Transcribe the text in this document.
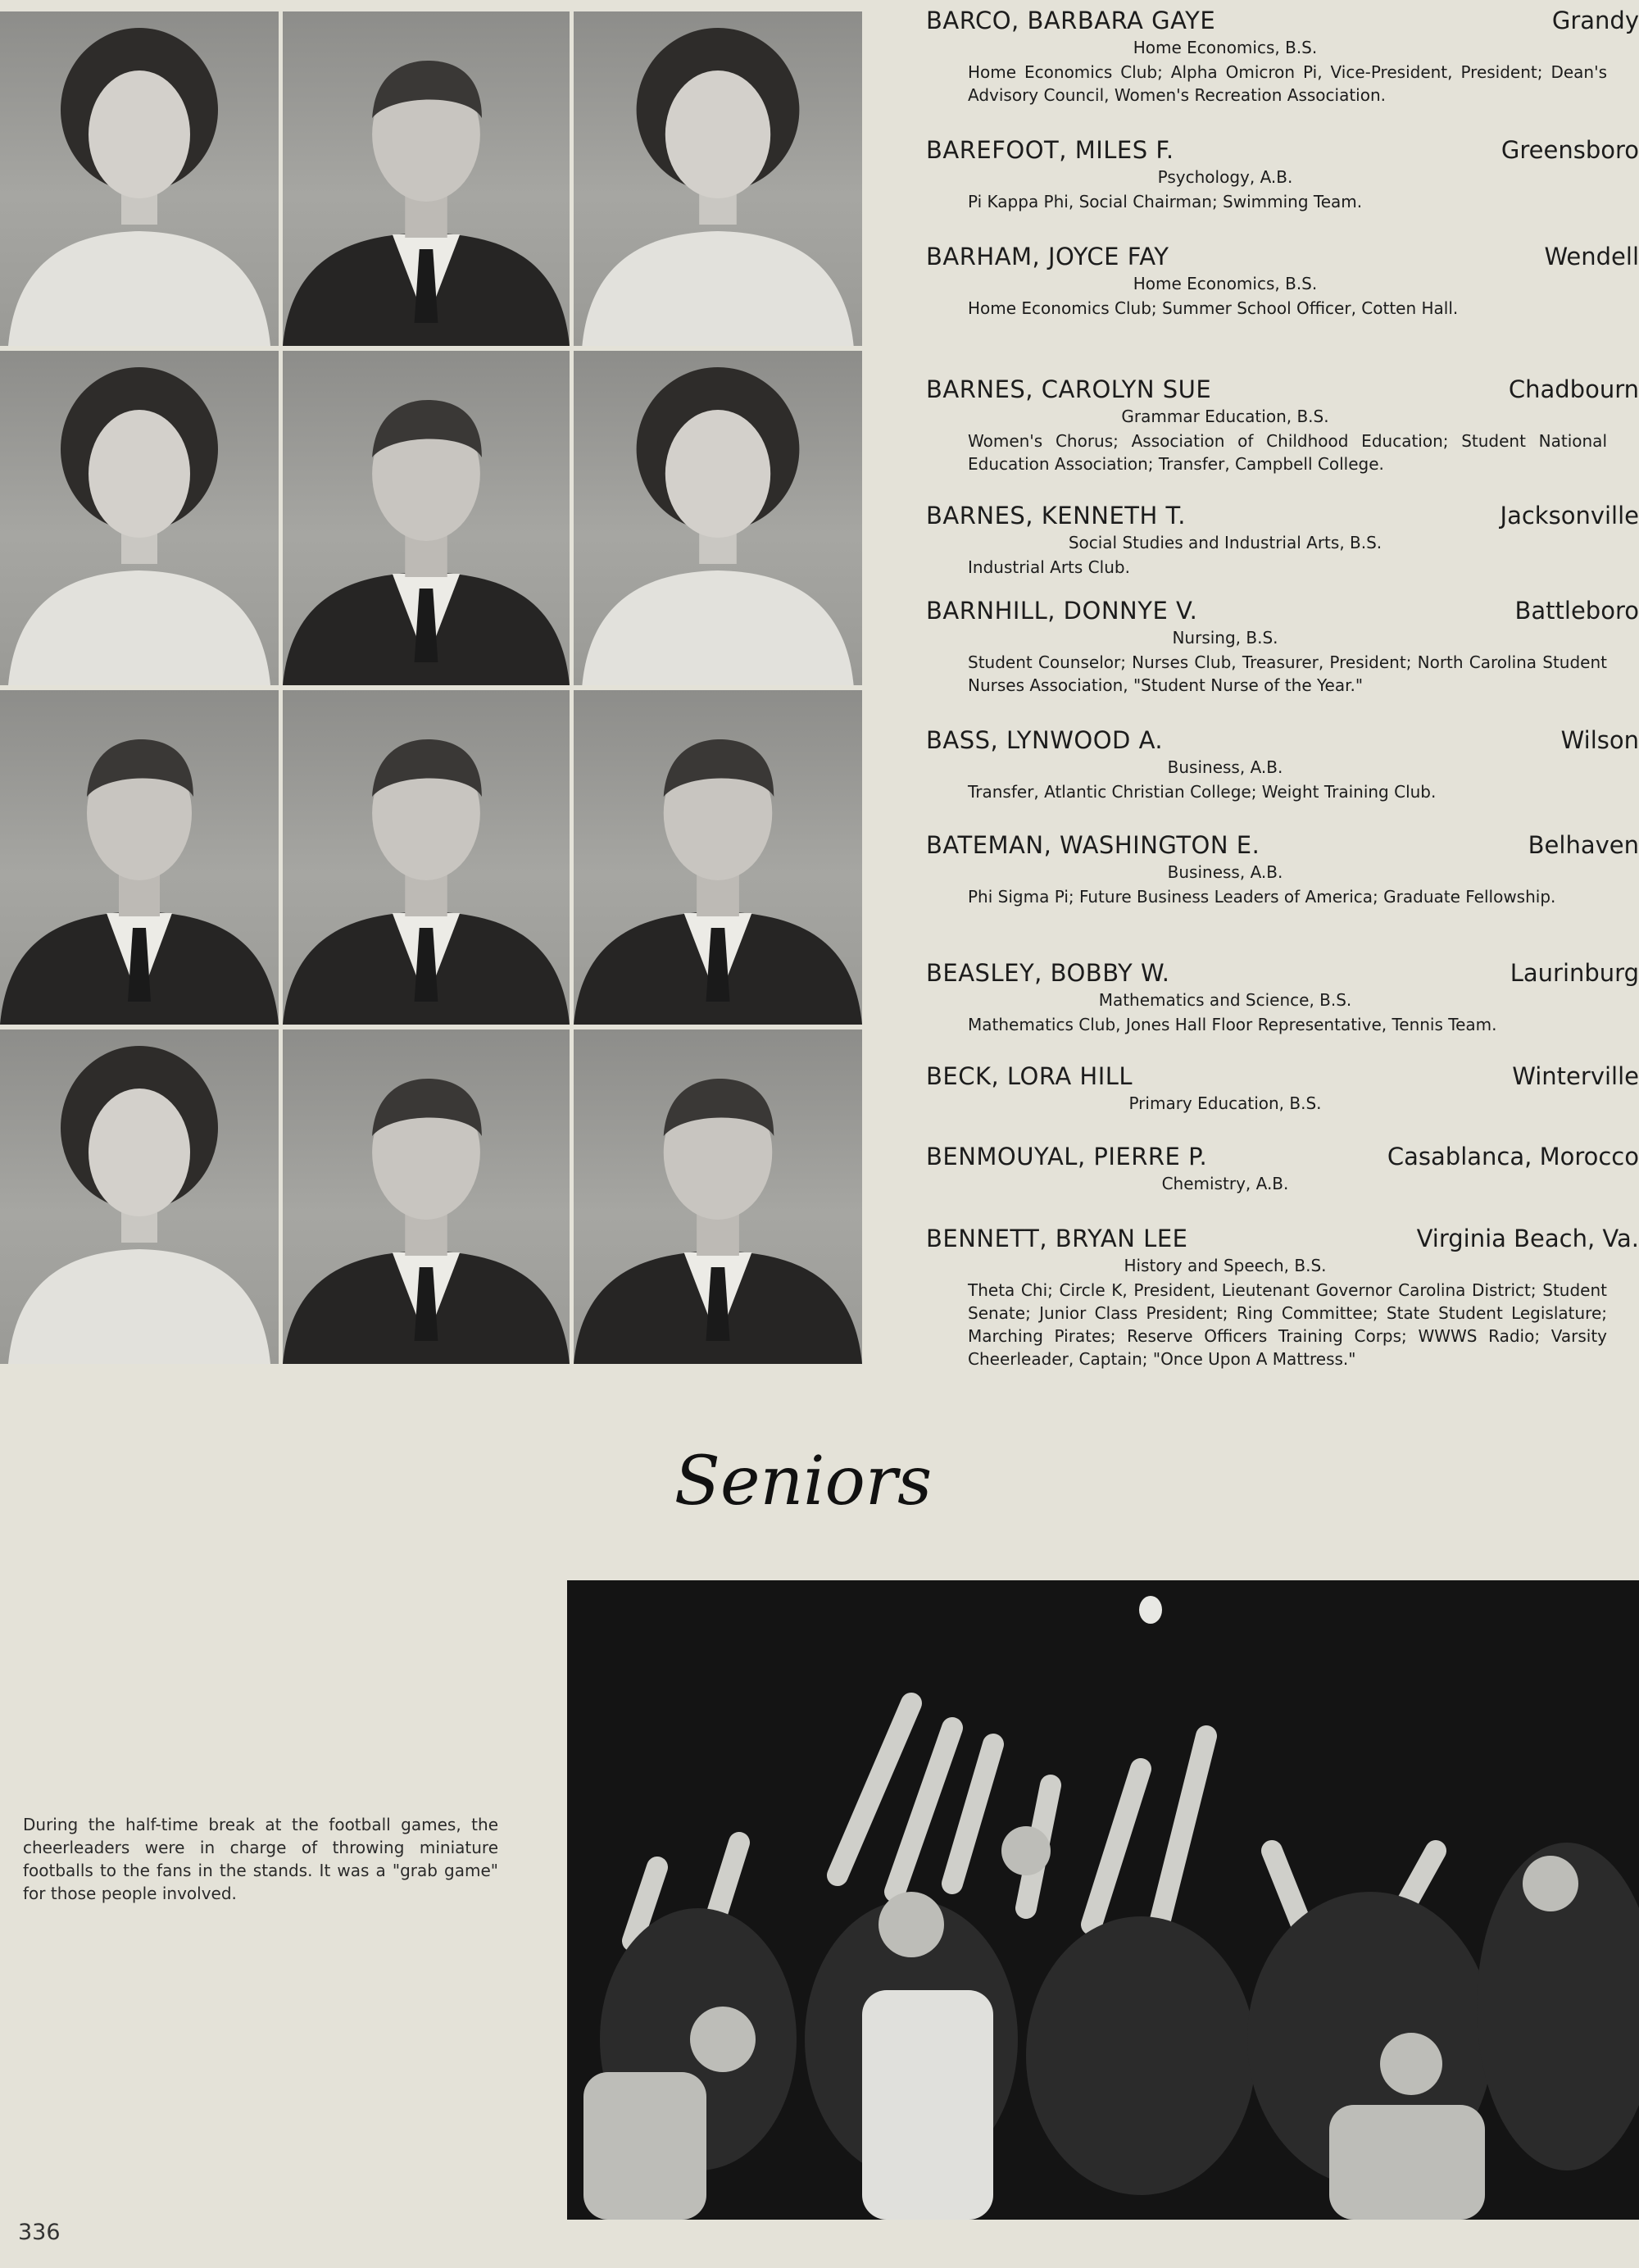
BARCO, BARBARA GAYE	Grandy
Home Economics, B.S.
Home Economics Club; Alpha Omicron Pi, Vice-President, President; Dean's Advisory Council, Women's Recreation Association.
BAREFOOT, MILES F.	Greensboro
Psychology, A.B.
Pi Kappa Phi, Social Chairman; Swimming Team.
BARHAM, JOYCE FAY	Wendell
Home Economics, B.S.
Home Economics Club; Summer School Officer, Cotten Hall.
BARNES, CAROLYN SUE	Chadbourn
Grammar Education, B.S.
Women's Chorus; Association of Childhood Education; Student National Education Association; Transfer, Campbell College.
BARNES, KENNETH T.	Jacksonville
Social Studies and Industrial Arts, B.S.
Industrial Arts Club.
BARNHILL, DONNYE V.	Battleboro
Nursing, B.S.
Student Counselor; Nurses Club, Treasurer, President; North Carolina Student Nurses Association, "Student Nurse of the Year."
BASS, LYNWOOD A.	Wilson
Business, A.B.
Transfer, Atlantic Christian College; Weight Training Club.
BATEMAN, WASHINGTON E.	Belhaven
Business, A.B.
Phi Sigma Pi; Future Business Leaders of America; Graduate Fellowship.
BEASLEY, BOBBY W.	Laurinburg
Mathematics and Science, B.S.
Mathematics Club, Jones Hall Floor Representative, Tennis Team.
BECK, LORA HILL	Winterville
Primary Education, B.S.
BENMOUYAL, PIERRE P.	Casablanca, Morocco
Chemistry, A.B.
BENNETT, BRYAN LEE	Virginia Beach, Va.
History and Speech, B.S.
Theta Chi; Circle K, President, Lieutenant Governor Carolina District; Student Senate; Junior Class President; Ring Committee; State Student Legislature; Marching Pirates; Reserve Officers Training Corps; WWWS Radio; Varsity Cheerleader, Captain; "Once Upon A Mattress."
Seniors
During the half-time break at the football games, the cheerleaders were in charge of throwing miniature footballs to the fans in the stands. It was a "grab game" for those people involved.
336
